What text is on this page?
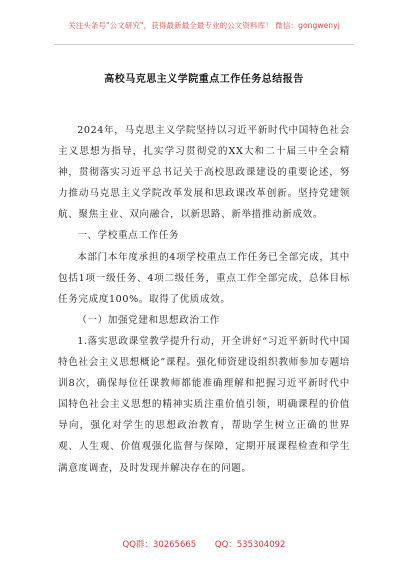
关注头条号"公文研究"，获得最新最全最专业的公文资料库！ 微信：gongwenyj
高校马克思主义学院重点工作任务总结报告

2024年，马克思主义学院坚持以习近平新时代中国特色社会主义思想为指导，扎实学习贯彻党的XX大和二十届三中全会精神，贯彻落实习近平总书记关于高校思政课建设的重要论述，努力推动马克思主义学院改革发展和思政课改革创新。坚持党建领航、聚焦主业、双向融合，以新思路、新举措推动新成效。

一、学校重点工作任务

本部门本年度承担的4项学校重点工作任务已全部完成，其中包括1项一级任务、4项二级任务，重点工作全部完成，总体目标任务完成度100%。取得了优质成效。

（一）加强党建和思想政治工作

1.落实思政课堂教学提升行动，开全讲好“习近平新时代中国特色社会主义思想概论”课程。强化师资建设组织教师参加专题培训8次，确保每位任课教师都能准确理解和把握习近平新时代中国特色社会主义思想的精神实质注重价值引领，明确课程的价值导向，强化对学生的思想政治教育，帮助学生树立正确的世界观、人生观、价值观强化监督与保障，定期开展课程检查和学生满意度调查，及时发现并解决存在的问题。

QQ群：30265665 QQ：535304092
